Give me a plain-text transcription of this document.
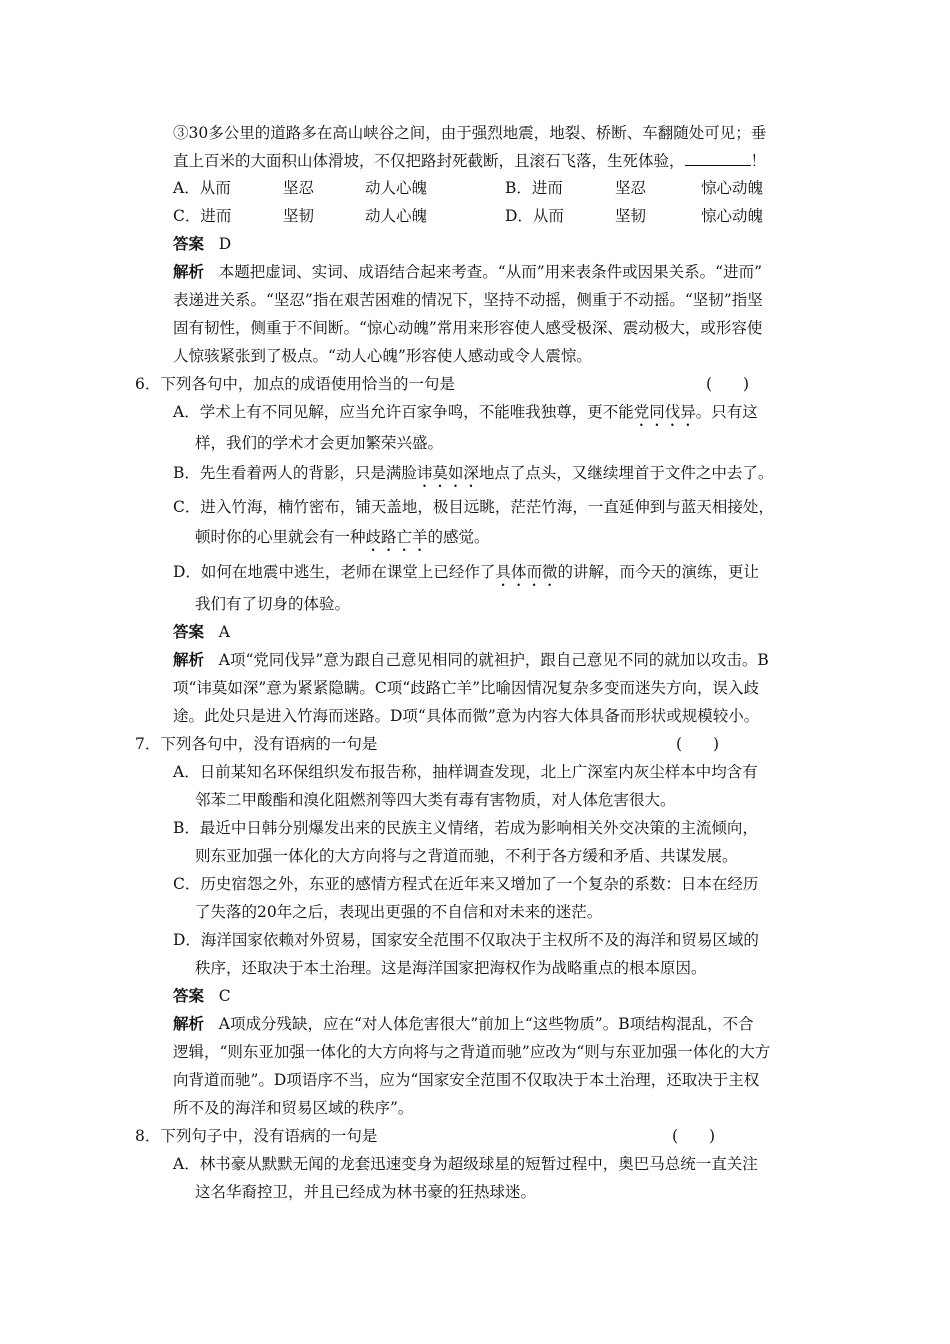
③30多公里的道路多在高山峡谷之间，由于强烈地震，地裂、桥断、车翻随处可见；垂
直上百米的大面积山体滑坡，不仅把路封死截断，且滚石飞落，生死体验，	！
A．从而	坚忍	动人心魄	B．进而	坚忍	惊心动魄
C．进而	坚韧	动人心魄	D．从而	坚韧	惊心动魄
答案 D
解析 本题把虚词、实词、成语结合起来考查。“从而”用来表条件或因果关系。“进而”
表递进关系。“坚忍”指在艰苦困难的情况下，坚持不动摇，侧重于不动摇。“坚韧”指坚
固有韧性，侧重于不间断。“惊心动魄”常用来形容使人感受极深、震动极大，或形容使
人惊骇紧张到了极点。“动人心魄”形容使人感动或令人震惊。
6．下列各句中，加点的成语使用恰当的一句是	(　　)
A．学术上有不同见解，应当允许百家争鸣，不能唯我独尊，更不能党同伐异。只有这
样，我们的学术才会更加繁荣兴盛。
B．先生看着两人的背影，只是满脸讳莫如深地点了点头，又继续埋首于文件之中去了。
C．进入竹海，楠竹密布，铺天盖地，极目远眺，茫茫竹海，一直延伸到与蓝天相接处，
顿时你的心里就会有一种歧路亡羊的感觉。
D．如何在地震中逃生，老师在课堂上已经作了具体而微的讲解，而今天的演练，更让
我们有了切身的体验。
答案 A
解析 A项“党同伐异”意为跟自己意见相同的就袒护，跟自己意见不同的就加以攻击。B
项“讳莫如深”意为紧紧隐瞒。C项“歧路亡羊”比喻因情况复杂多变而迷失方向，误入歧
途。此处只是进入竹海而迷路。D项“具体而微”意为内容大体具备而形状或规模较小。
7．下列各句中，没有语病的一句是	(　　)
A．日前某知名环保组织发布报告称，抽样调查发现，北上广深室内灰尘样本中均含有
邻苯二甲酸酯和溴化阻燃剂等四大类有毒有害物质，对人体危害很大。
B．最近中日韩分别爆发出来的民族主义情绪，若成为影响相关外交决策的主流倾向，
则东亚加强一体化的大方向将与之背道而驰，不利于各方缓和矛盾、共谋发展。
C．历史宿怨之外，东亚的感情方程式在近年来又增加了一个复杂的系数：日本在经历
了失落的20年之后，表现出更强的不自信和对未来的迷茫。
D．海洋国家依赖对外贸易，国家安全范围不仅取决于主权所不及的海洋和贸易区域的
秩序，还取决于本土治理。这是海洋国家把海权作为战略重点的根本原因。
答案 C
解析 A项成分残缺，应在“对人体危害很大”前加上“这些物质”。B项结构混乱，不合
逻辑，“则东亚加强一体化的大方向将与之背道而驰”应改为“则与东亚加强一体化的大方
向背道而驰”。D项语序不当，应为“国家安全范围不仅取决于本土治理，还取决于主权
所不及的海洋和贸易区域的秩序”。
8．下列句子中，没有语病的一句是	(　　)
A．林书豪从默默无闻的龙套迅速变身为超级球星的短暂过程中，奥巴马总统一直关注
这名华裔控卫，并且已经成为林书豪的狂热球迷。
